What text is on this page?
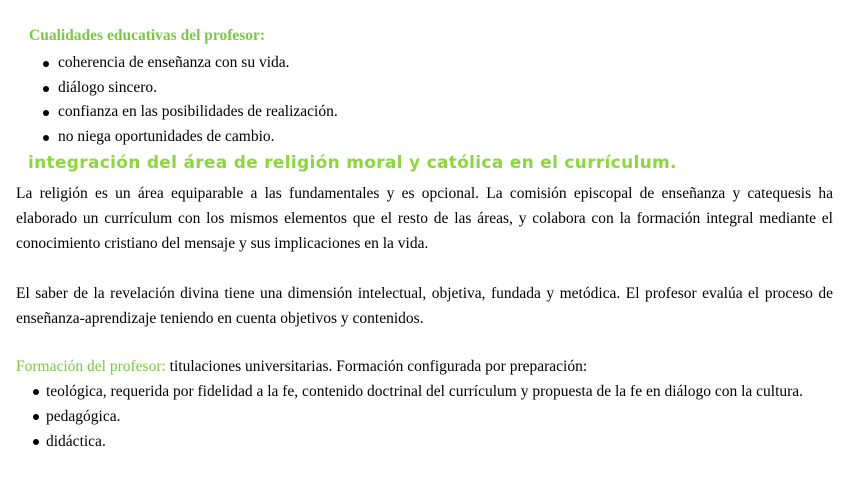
Cualidades educativas del profesor:
coherencia de enseñanza con su vida.
diálogo sincero.
confianza en las posibilidades de realización.
no niega oportunidades de cambio.
integración del área de religión moral y católica en el currículum.

La religión es un área equiparable a las fundamentales y es opcional. La comisión episcopal de enseñanza y catequesis ha elaborado un currículum con los mismos elementos que el resto de las áreas, y colabora con la formación integral mediante el conocimiento cristiano del mensaje y sus implicaciones en la vida.

El saber de la revelación divina tiene una dimensión intelectual, objetiva, fundada y metódica. El profesor evalúa el proceso de enseñanza-aprendizaje teniendo en cuenta objetivos y contenidos.

Formación del profesor: titulaciones universitarias. Formación configurada por preparación:

teológica, requerida por fidelidad a la fe, contenido doctrinal del currículum y propuesta de la fe en diálogo con la cultura.
pedagógica.
didáctica.
